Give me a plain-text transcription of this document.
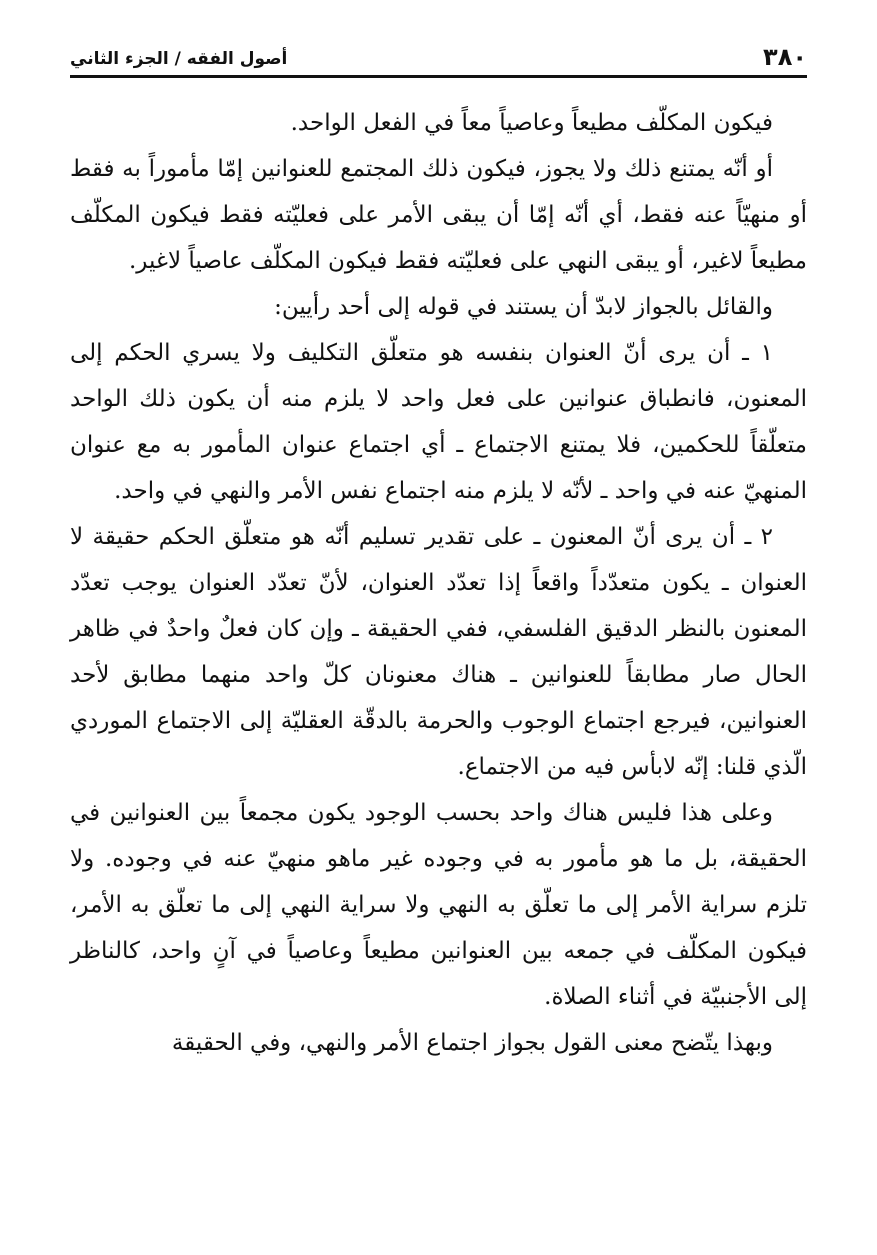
٣٨٠
أصول الفقه / الجزء الثاني

فيكون المكلّف مطيعاً وعاصياً معاً في الفعل الواحد.

أو أنّه يمتنع ذلك ولا يجوز، فيكون ذلك المجتمع للعنوانين إمّا مأموراً به فقط أو منهيّاً عنه فقط، أي أنّه إمّا أن يبقى الأمر على فعليّته فقط فيكون المكلّف مطيعاً لاغير، أو يبقى النهي على فعليّته فقط فيكون المكلّف عاصياً لاغير.

والقائل بالجواز لابدّ أن يستند في قوله إلى أحد رأيين:

١ ـ أن يرى أنّ العنوان بنفسه هو متعلّق التكليف ولا يسري الحكم إلى المعنون، فانطباق عنوانين على فعل واحد لا يلزم منه أن يكون ذلك الواحد متعلّقاً للحكمين، فلا يمتنع الاجتماع ـ أي اجتماع عنوان المأمور به مع عنوان المنهيّ عنه في واحد ـ لأنّه لا يلزم منه اجتماع نفس الأمر والنهي في واحد.

٢ ـ أن يرى أنّ المعنون ـ على تقدير تسليم أنّه هو متعلّق الحكم حقيقة لا العنوان ـ يكون متعدّداً واقعاً إذا تعدّد العنوان، لأنّ تعدّد العنوان يوجب تعدّد المعنون بالنظر الدقيق الفلسفي، ففي الحقيقة ـ وإن كان فعلٌ واحدٌ في ظاهر الحال صار مطابقاً للعنوانين ـ هناك معنونان كلّ واحد منهما مطابق لأحد العنوانين، فيرجع اجتماع الوجوب والحرمة بالدقّة العقليّة إلى الاجتماع الموردي الّذي قلنا: إنّه لابأس فيه من الاجتماع.

وعلى هذا فليس هناك واحد بحسب الوجود يكون مجمعاً بين العنوانين في الحقيقة، بل ما هو مأمور به في وجوده غير ماهو منهيّ عنه في وجوده. ولا تلزم سراية الأمر إلى ما تعلّق به النهي ولا سراية النهي إلى ما تعلّق به الأمر، فيكون المكلّف في جمعه بين العنوانين مطيعاً وعاصياً في آنٍ واحد، كالناظر إلى الأجنبيّة في أثناء الصلاة.

وبهذا يتّضح معنى القول بجواز اجتماع الأمر والنهي، وفي الحقيقة
